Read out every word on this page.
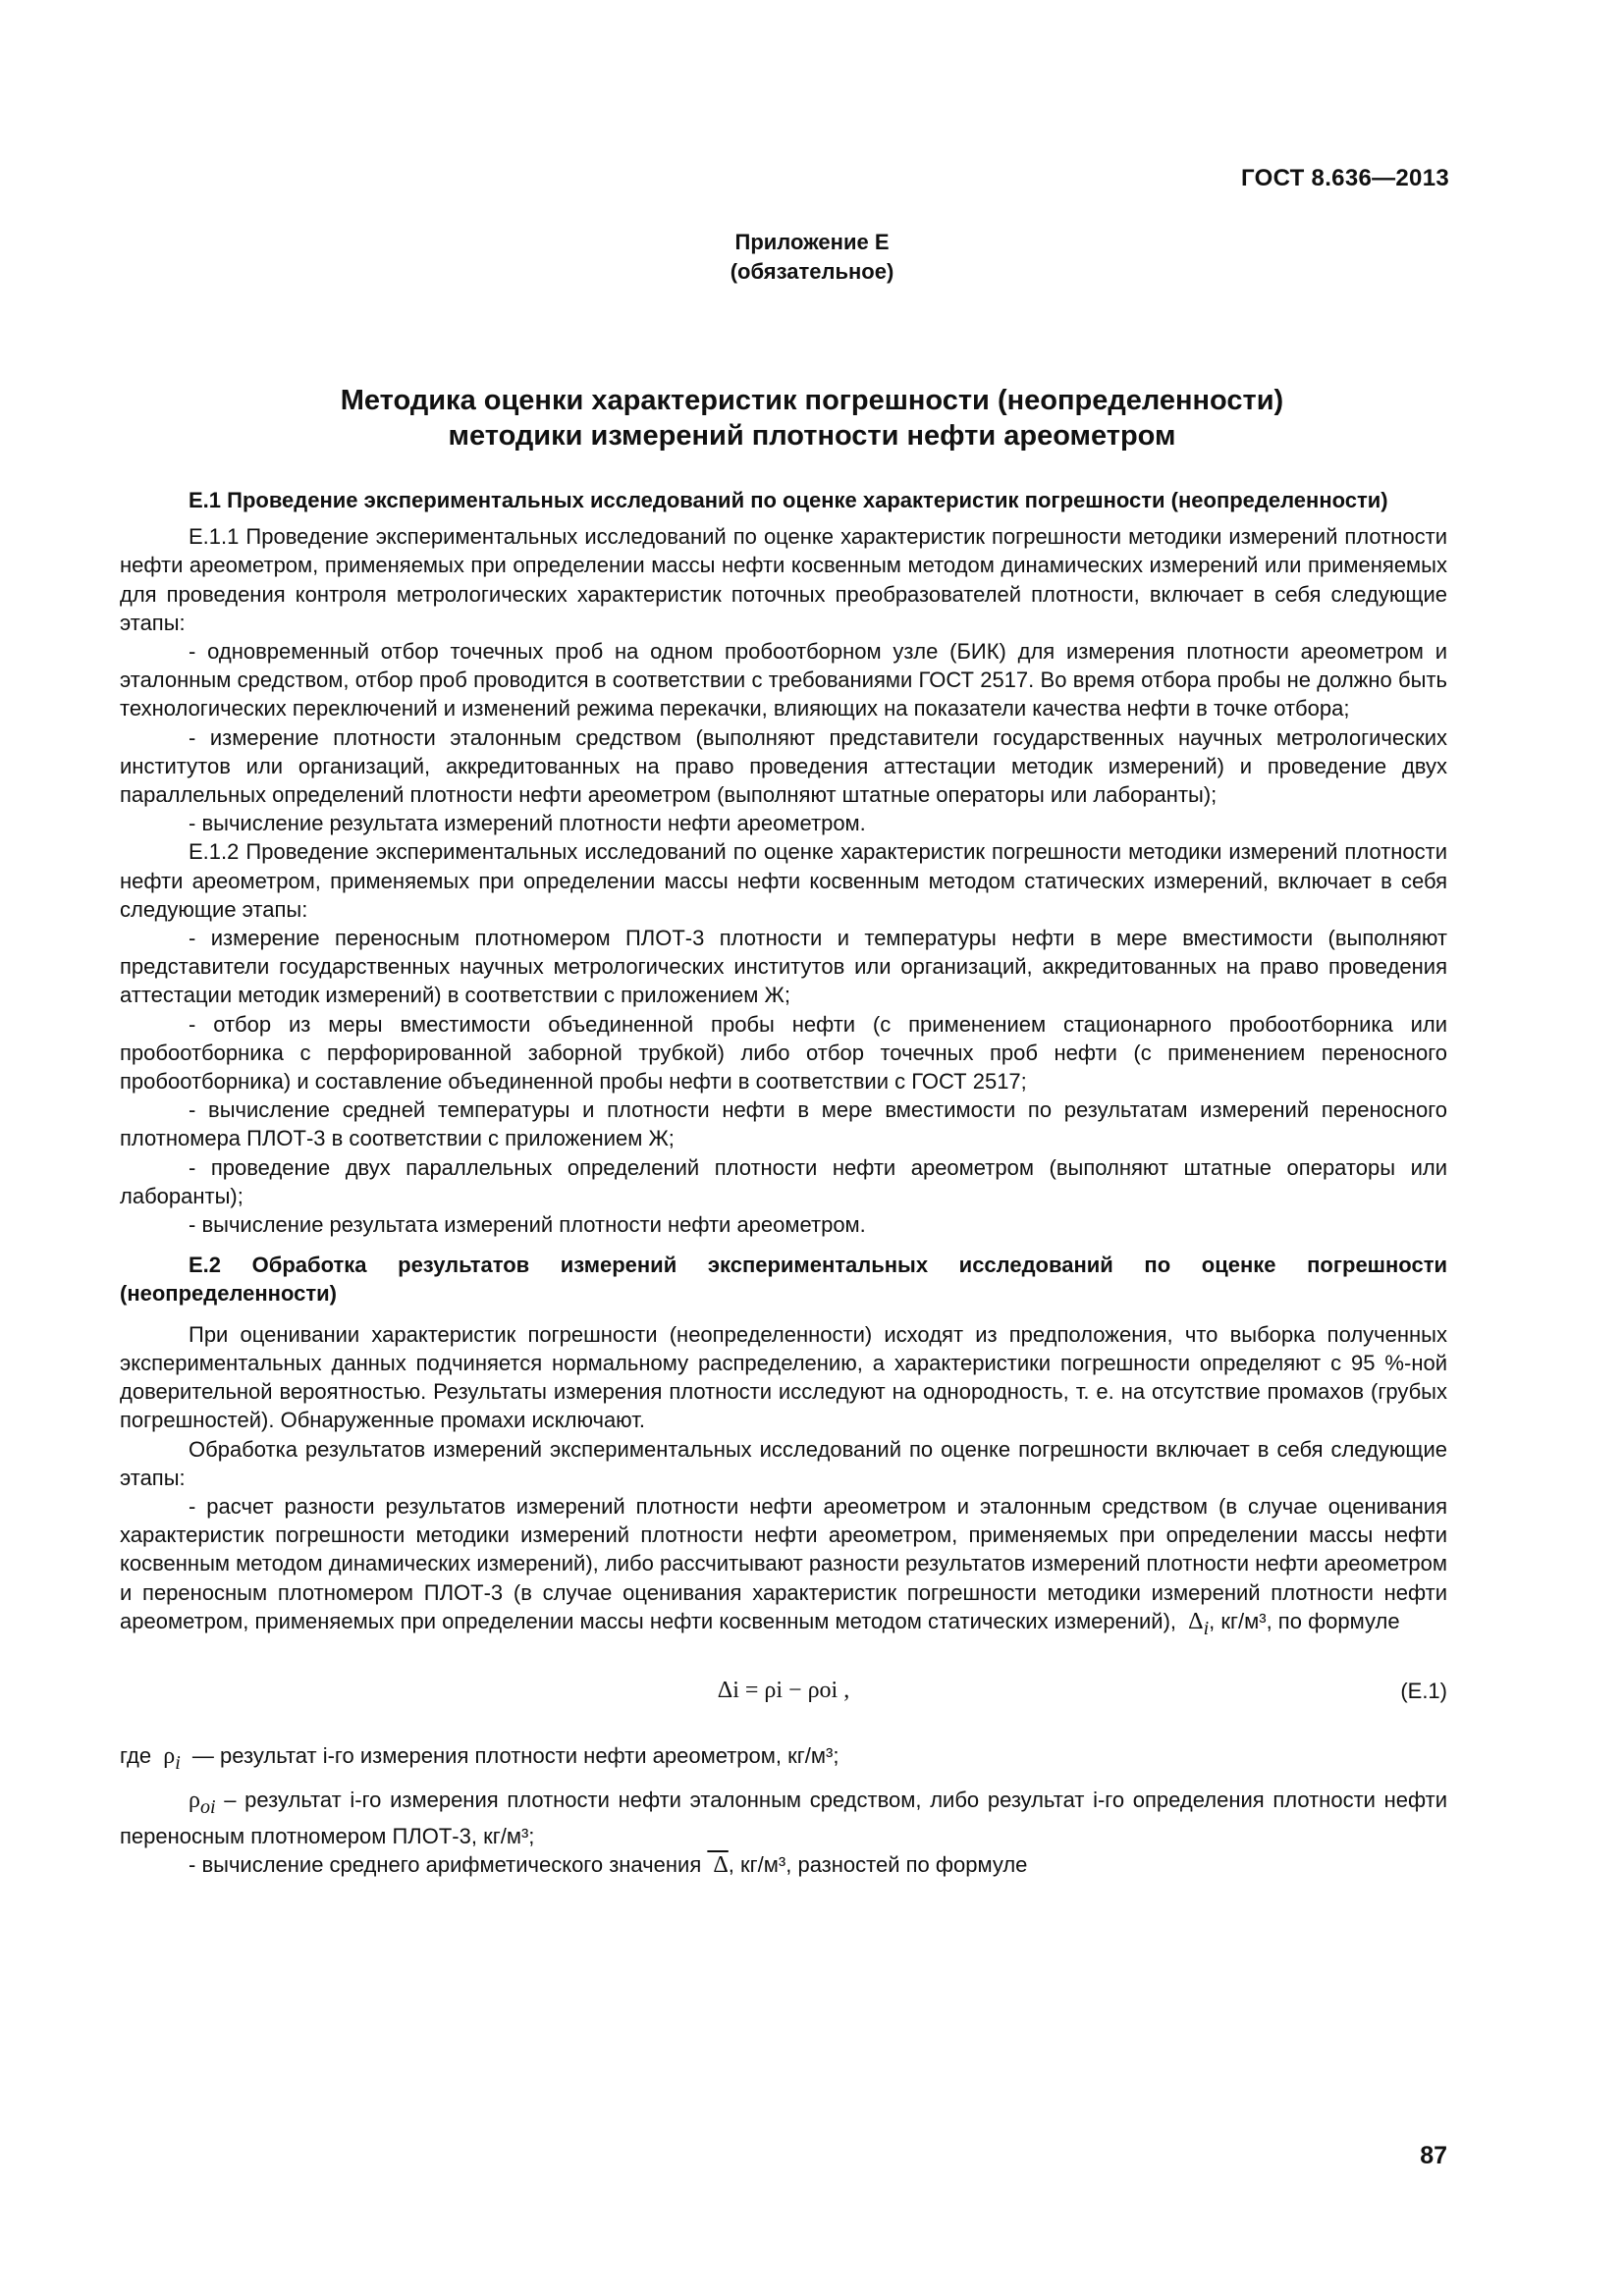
ГОСТ 8.636—2013
Приложение Е
(обязательное)
Методика оценки характеристик погрешности (неопределенности)
методики измерений плотности нефти ареометром
Е.1 Проведение экспериментальных исследований по оценке характеристик погрешности (неопределенности)

Е.1.1 Проведение экспериментальных исследований по оценке характеристик погрешности методики измерений плотности нефти ареометром, применяемых при определении массы нефти косвенным методом динамических измерений или применяемых для проведения контроля метрологических характеристик поточных преобразователей плотности, включает в себя следующие этапы:

- одновременный отбор точечных проб на одном пробоотборном узле (БИК) для измерения плотности ареометром и эталонным средством, отбор проб проводится в соответствии с требованиями ГОСТ 2517. Во время отбора пробы не должно быть технологических переключений и изменений режима перекачки, влияющих на показатели качества нефти в точке отбора;

- измерение плотности эталонным средством (выполняют представители государственных научных метрологических институтов или организаций, аккредитованных на право проведения аттестации методик измерений) и проведение двух параллельных определений плотности нефти ареометром (выполняют штатные операторы или лаборанты);

- вычисление результата измерений плотности нефти ареометром.

Е.1.2 Проведение экспериментальных исследований по оценке характеристик погрешности методики измерений плотности нефти ареометром, применяемых при определении массы нефти косвенным методом статических измерений, включает в себя следующие этапы:

- измерение переносным плотномером ПЛОТ-3 плотности и температуры нефти в мере вместимости (выполняют представители государственных научных метрологических институтов или организаций, аккредитованных на право проведения аттестации методик измерений) в соответствии с приложением Ж;

- отбор из меры вместимости объединенной пробы нефти (с применением стационарного пробоотборника или пробоотборника с перфорированной заборной трубкой) либо отбор точечных проб нефти (с применением переносного пробоотборника) и составление объединенной пробы нефти в соответствии с ГОСТ 2517;

- вычисление средней температуры и плотности нефти в мере вместимости по результатам измерений переносного плотномера ПЛОТ-3 в соответствии с приложением Ж;

- проведение двух параллельных определений плотности нефти ареометром (выполняют штатные операторы или лаборанты);

- вычисление результата измерений плотности нефти ареометром.

Е.2 Обработка результатов измерений экспериментальных исследований по оценке погрешности (неопределенности)

При оценивании характеристик погрешности (неопределенности) исходят из предположения, что выборка полученных экспериментальных данных подчиняется нормальному распределению, а характеристики погрешности определяют с 95 %-ной доверительной вероятностью. Результаты измерения плотности исследуют на однородность, т. е. на отсутствие промахов (грубых погрешностей). Обнаруженные промахи исключают.

Обработка результатов измерений экспериментальных исследований по оценке погрешности включает в себя следующие этапы:

- расчет разности результатов измерений плотности нефти ареометром и эталонным средством (в случае оценивания характеристик погрешности методики измерений плотности нефти ареометром, применяемых при определении массы нефти косвенным методом динамических измерений), либо рассчитывают разности результатов измерений плотности нефти ареометром и переносным плотномером ПЛОТ-3 (в случае оценивания характеристик погрешности методики измерений плотности нефти ареометром, применяемых при определении массы нефти косвенным методом статических измерений),  $\Delta_i$, кг/м³, по формуле

Δi = ρi − ρoi ,	(Е.1)

где  $\rho_i$ — результат i-го измерения плотности нефти ареометром, кг/м³;

$\rho_{oi}$ – результат i-го измерения плотности нефти эталонным средством, либо результат i-го определения плотности нефти переносным плотномером ПЛОТ-3, кг/м³;

- вычисление среднего арифметического значения  Δ, кг/м³, разностей по формуле

87
